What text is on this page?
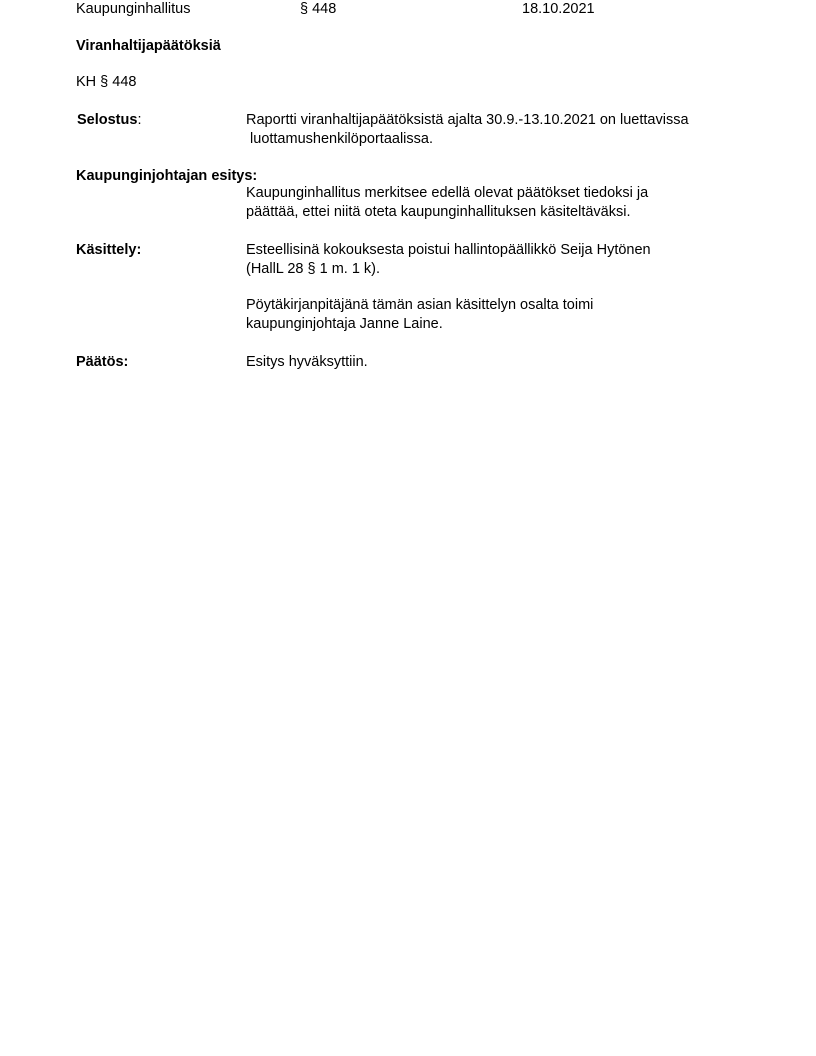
Kaupunginhallitus	§ 448	18.10.2021
Viranhaltijapäätöksiä
KH § 448
Selostus:	Raportti viranhaltijapäätöksistä ajalta 30.9.-13.10.2021 on luettavissa
luottamushenkilöportaalissa.
Kaupunginjohtajan esitys:
Kaupunginhallitus merkitsee edellä olevat päätökset tiedoksi ja
päättää, ettei niitä oteta kaupunginhallituksen käsiteltäväksi.
Käsittely:	Esteellisinä kokouksesta poistui hallintopäällikkö Seija Hytönen
(HallL 28 § 1 m. 1 k).
Pöytäkirjanpitäjänä tämän asian käsittelyn osalta toimi
kaupunginjohtaja Janne Laine.
Päätös:	Esitys hyväksyttiin.
